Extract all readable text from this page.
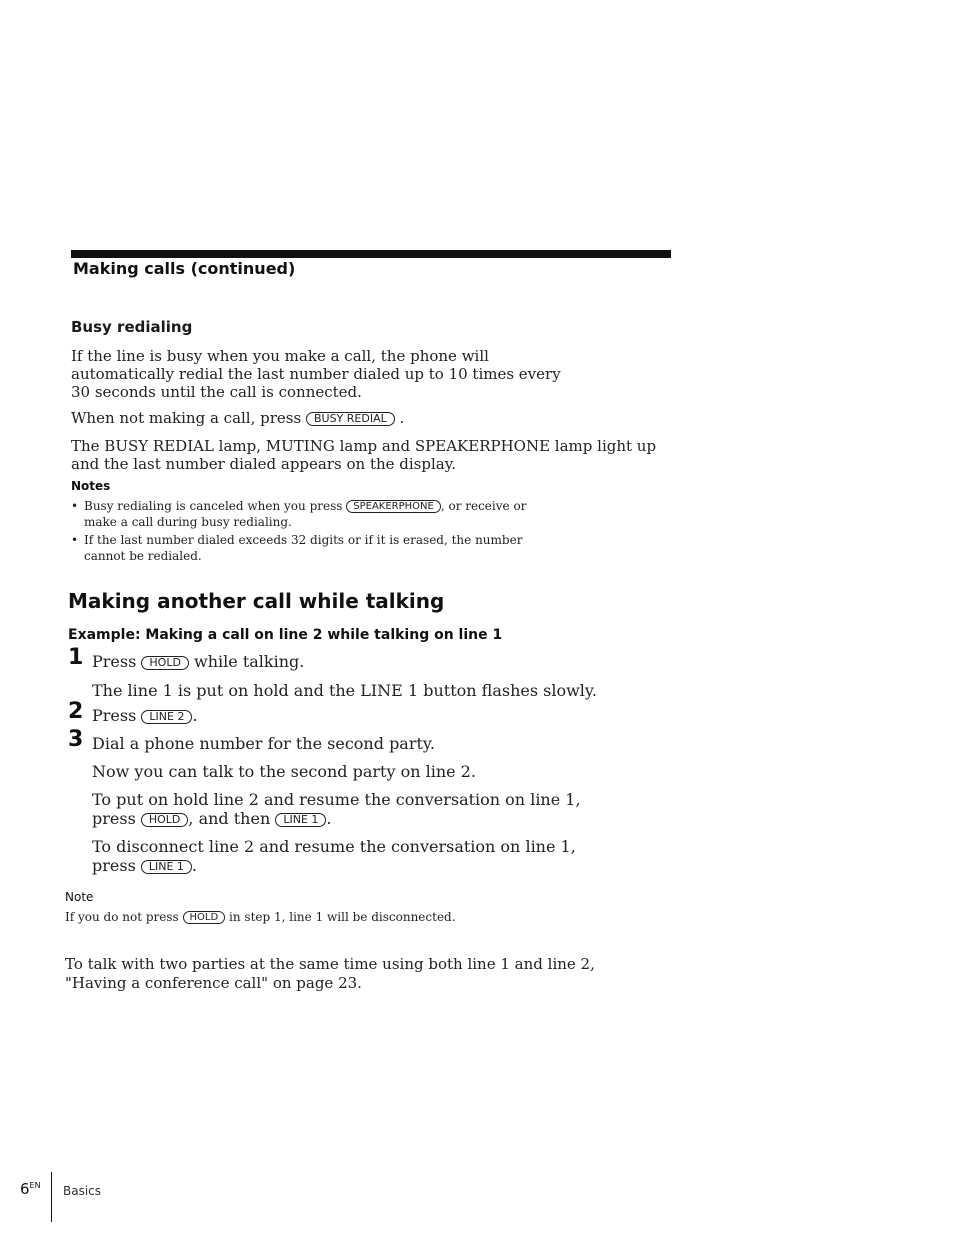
Making calls (continued)
Busy redialing
If the line is busy when you make a call, the phone will automatically redial the last number dialed up to 10 times every 30 seconds until the call is connected.
When not making a call, press BUSY REDIAL .
The BUSY REDIAL lamp, MUTING lamp and SPEAKERPHONE lamp light up and the last number dialed appears on the display.
Notes
• Busy redialing is canceled when you press SPEAKERPHONE , or receive or make a call during busy redialing.
• If the last number dialed exceeds 32 digits or if it is erased, the number cannot be redialed.
Making another call while talking
Example: Making a call on line 2 while talking on line 1
1 Press HOLD while talking.
The line 1 is put on hold and the LINE 1 button flashes slowly.
2 Press LINE 2 .
3 Dial a phone number for the second party.
Now you can talk to the second party on line 2.
To put on hold line 2 and resume the conversation on line 1, press HOLD , and then LINE 1 .
To disconnect line 2 and resume the conversation on line 1, press LINE 1 .
Note
If you do not press HOLD in step 1, line 1 will be disconnected.
To talk with two parties at the same time using both line 1 and line 2,
"Having a conference call" on page 23.
$6^{EN}$ Basics
